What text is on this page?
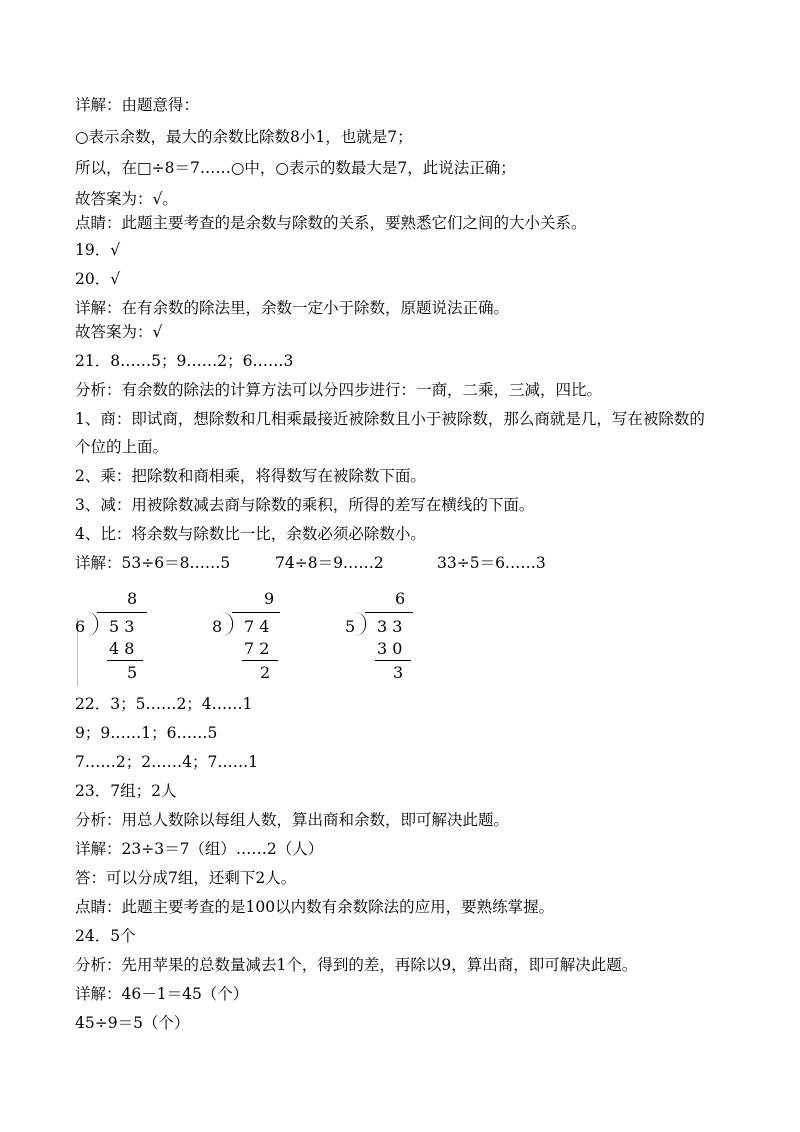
详解：由题意得：
○表示余数，最大的余数比除数8小1，也就是7；
所以，在□÷8＝7……○中，○表示的数最大是7，此说法正确；
故答案为：√。
点睛：此题主要考查的是余数与除数的关系，要熟悉它们之间的大小关系。
19．√
20．√
详解：在有余数的除法里，余数一定小于除数，原题说法正确。
故答案为：√
21．8……5；9……2；6……3
分析：有余数的除法的计算方法可以分四步进行：一商，二乘，三减，四比。
1、商：即试商，想除数和几相乘最接近被除数且小于被除数，那么商就是几，写在被除数的
个位的上面。
2、乘：把除数和商相乘，将得数写在被除数下面。
3、减：用被除数减去商与除数的乘积，所得的差写在横线的下面。
4、比：将余数与除数比一比，余数必须必除数小。
详解：53÷6＝8……5	74÷8＝9……2	33÷5＝6……3
8
6 5 3
4 8
5
9
8 7 4
7 2
2
6
5 3 3
3 0
3
22．3；5……2；4……1
9；9……1；6……5
7……2；2……4；7……1
23．7组；2人
分析：用总人数除以每组人数，算出商和余数，即可解决此题。
详解：23÷3＝7（组）……2（人）
答：可以分成7组，还剩下2人。
点睛：此题主要考查的是100以内数有余数除法的应用，要熟练掌握。
24．5个
分析：先用苹果的总数量减去1个，得到的差，再除以9，算出商，即可解决此题。
详解：46－1＝45（个）
45÷9＝5（个）
